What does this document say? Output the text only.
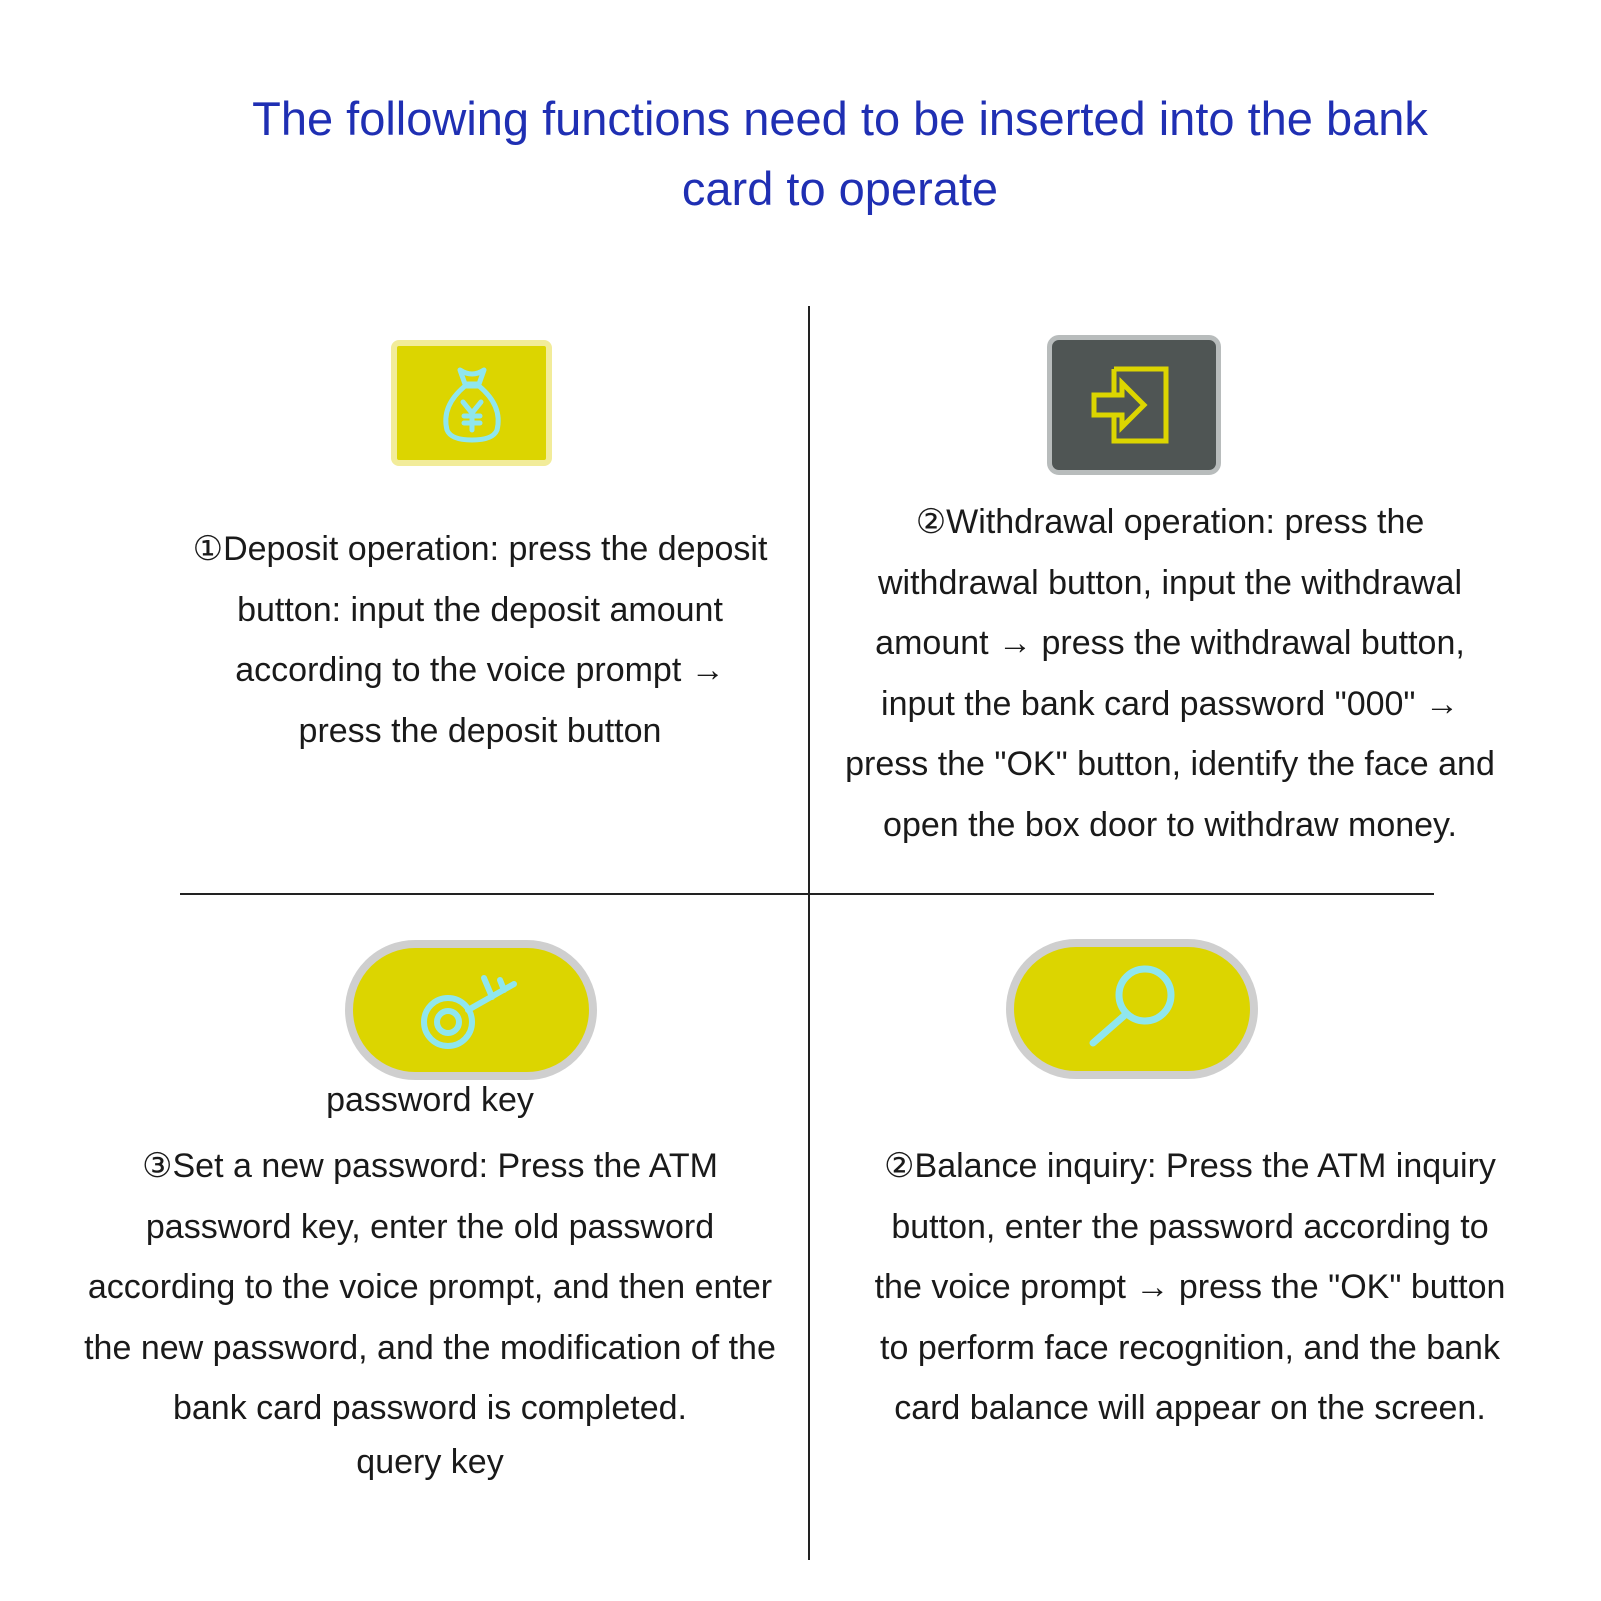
The following functions need to be inserted into the bank
card to operate
①Deposit operation: press the deposit
button: input the deposit amount
according to the voice prompt →
press the deposit button
②Withdrawal operation: press the
withdrawal button, input the withdrawal
amount → press the withdrawal button,
input the bank card password "000" →
press the "OK" button, identify the face and
open the box door to withdraw money.
password key
③Set a new password: Press the ATM
password key, enter the old password
according to the voice prompt, and then enter
the new password, and the modification of the
bank card password is completed.
query key
②Balance inquiry: Press the ATM inquiry
button, enter the password according to
the voice prompt → press the "OK" button
to perform face recognition, and the bank
card balance will appear on the screen.
